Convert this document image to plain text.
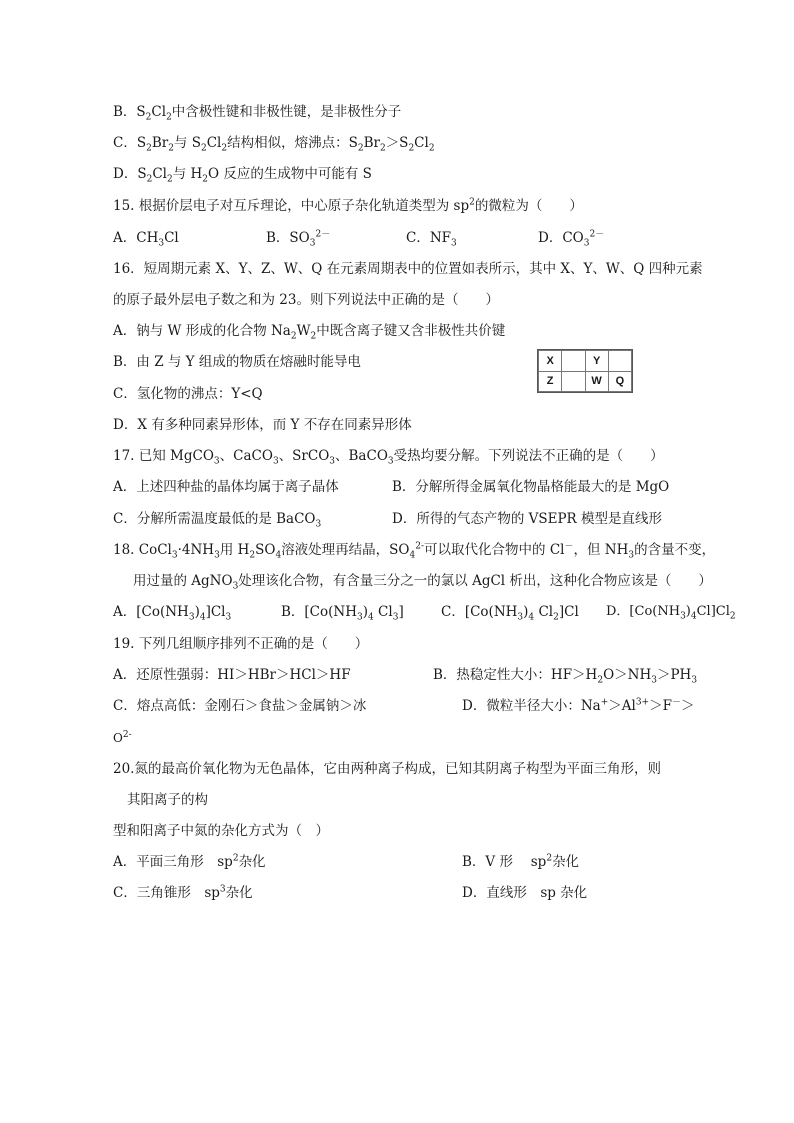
B．$S_2Cl_2$中含极性键和非极性键，是非极性分子
C．$S_2Br_2$与 $S_2Cl_2$结构相似，熔沸点：$S_2Br_2>S_2Cl_2$
D．$S_2Cl_2$与 $H_2O$ 反应的生成物中可能有 S
15. 根据价层电子对互斥理论，中心原子杂化轨道类型为 $sp^2$的微粒为（　　）
A．$CH_3Cl$	B．$SO_3^{2-}$	C．$NF_3$	D．$CO_3^{2-}$
16．短周期元素 X、Y、Z、W、Q 在元素周期表中的位置如表所示，其中 X、Y、W、Q 四种元素
的原子最外层电子数之和为 23。则下列说法中正确的是（　　）
A．钠与 W 形成的化合物 $Na_2W_2$中既含离子键又含非极性共价键
B．由 Z 与 Y 组成的物质在熔融时能导电
C．氢化物的沸点：Y<Q
D．X 有多种同素异形体，而 Y 不存在同素异形体
X		Y	
Z		W	Q
17. 已知 MgCO$_3$、CaCO$_3$、SrCO$_3$、BaCO$_3$受热均要分解。下列说法不正确的是（　　）
A．上述四种盐的晶体均属于离子晶体	B．分解所得金属氧化物晶格能最大的是 MgO
C．分解所需温度最低的是 BaCO$_3$	D．所得的气态产物的 VSEPR 模型是直线形
18. $CoCl_3\cdot 4NH_3$用 $H_2SO_4$溶液处理再结晶，$SO_4^{2-}$可以取代化合物中的 Cl－，但 $NH_3$的含量不变，
用过量的 AgNO$_3$处理该化合物，有含量三分之一的氯以 AgCl 析出，这种化合物应该是（　　）
A．$[Co(NH_3)_4]Cl_3$	B．[$Co(NH_3)_4$ $Cl_3$]	C．[$Co(NH_3)_4$ $Cl_2]Cl$ D．$[Co(NH_3)_4Cl]Cl_2$
19. 下列几组顺序排列不正确的是（　　）
A．还原性强弱：HI＞HBr＞HCl＞HF	B．热稳定性大小：$HF>H_2O>NH_3>PH_3$
C．熔点高低：金刚石＞食盐＞金属钠＞冰	D．微粒半径大小：$Na^+>Al^{3+}>F^->$
$O^{2-}$
20.氮的最高价氧化物为无色晶体，它由两种离子构成，已知其阴离子构型为平面三角形，则
其阳离子的构
型和阳离子中氮的杂化方式为（　）
A．平面三角形　$sp^2$杂化	B．V 形　 $sp^2$杂化
C．三角锥形　$sp^3$杂化	D．直线形　sp 杂化
